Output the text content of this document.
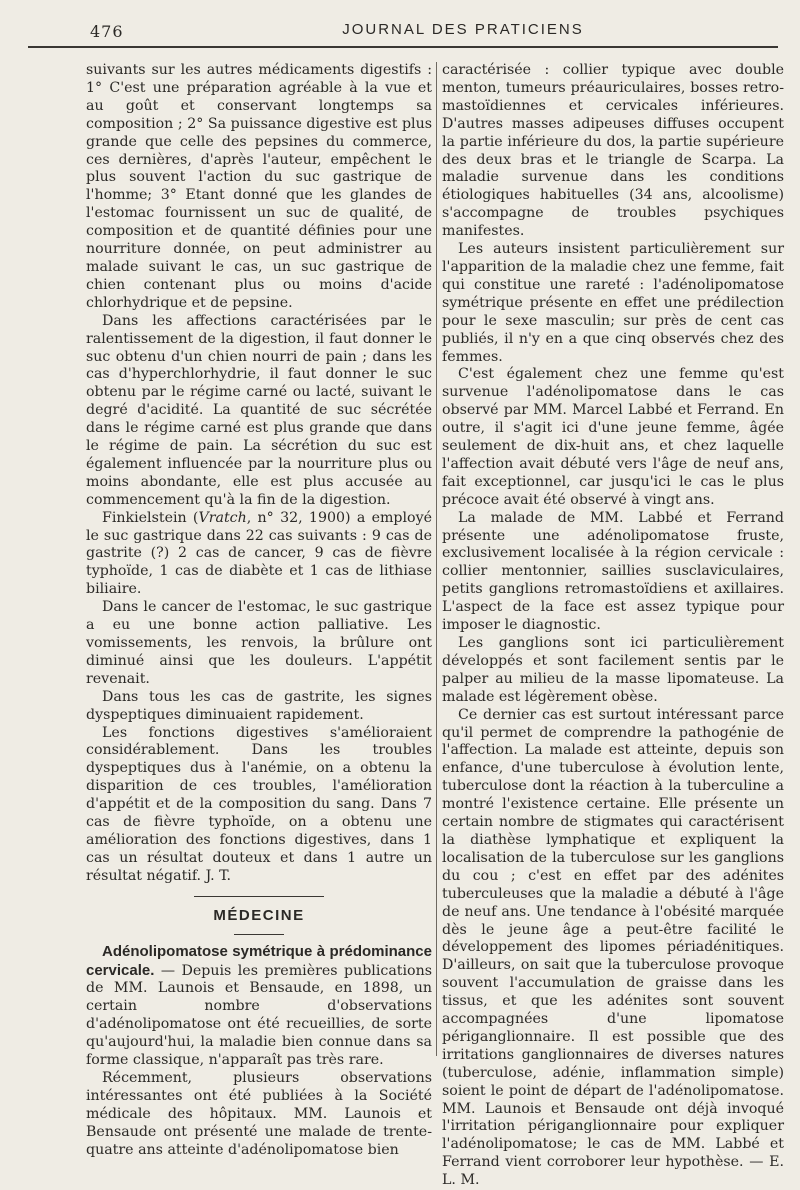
476	JOURNAL DES PRATICIENS

suivants sur les autres médicaments digestifs : 1° C'est une préparation agréable à la vue et au goût et conservant longtemps sa composition ; 2° Sa puissance digestive est plus grande que celle des pepsines du commerce, ces dernières, d'après l'auteur, empêchent le plus souvent l'action du suc gastrique de l'homme; 3° Etant donné que les glandes de l'estomac fournissent un suc de qualité, de composition et de quantité définies pour une nourriture donnée, on peut administrer au malade suivant le cas, un suc gastrique de chien contenant plus ou moins d'acide chlorhydrique et de pepsine.

Dans les affections caractérisées par le ralentissement de la digestion, il faut donner le suc obtenu d'un chien nourri de pain ; dans les cas d'hyperchlorhydrie, il faut donner le suc obtenu par le régime carné ou lacté, suivant le degré d'acidité. La quantité de suc sécrétée dans le régime carné est plus grande que dans le régime de pain. La sécrétion du suc est également influencée par la nourriture plus ou moins abondante, elle est plus accusée au commencement qu'à la fin de la digestion.

Finkielstein (Vratch, n° 32, 1900) a employé le suc gastrique dans 22 cas suivants : 9 cas de gastrite (?) 2 cas de cancer, 9 cas de fièvre typhoïde, 1 cas de diabète et 1 cas de lithiase biliaire.

Dans le cancer de l'estomac, le suc gastrique a eu une bonne action palliative. Les vomissements, les renvois, la brûlure ont diminué ainsi que les douleurs. L'appétit revenait.

Dans tous les cas de gastrite, les signes dyspeptiques diminuaient rapidement.

Les fonctions digestives s'amélioraient considérablement. Dans les troubles dyspeptiques dus à l'anémie, on a obtenu la disparition de ces troubles, l'amélioration d'appétit et de la composition du sang. Dans 7 cas de fièvre typhoïde, on a obtenu une amélioration des fonctions digestives, dans 1 cas un résultat douteux et dans 1 autre un résultat négatif. J. T.

MÉDECINE

Adénolipomatose symétrique à prédominance cervicale. — Depuis les premières publications de MM. Launois et Bensaude, en 1898, un certain nombre d'observations d'adénolipomatose ont été recueillies, de sorte qu'aujourd'hui, la maladie bien connue dans sa forme classique, n'apparaît pas très rare.

Récemment, plusieurs observations intéressantes ont été publiées à la Société médicale des hôpitaux. MM. Launois et Bensaude ont présenté une malade de trente-quatre ans atteinte d'adénolipomatose bien

caractérisée : collier typique avec double menton, tumeurs préauriculaires, bosses retro-mastoïdiennes et cervicales inférieures. D'autres masses adipeuses diffuses occupent la partie inférieure du dos, la partie supérieure des deux bras et le triangle de Scarpa. La maladie survenue dans les conditions étiologiques habituelles (34 ans, alcoolisme) s'accompagne de troubles psychiques manifestes.

Les auteurs insistent particulièrement sur l'apparition de la maladie chez une femme, fait qui constitue une rareté : l'adénolipomatose symétrique présente en effet une prédilection pour le sexe masculin; sur près de cent cas publiés, il n'y en a que cinq observés chez des femmes.

C'est également chez une femme qu'est survenue l'adénolipomatose dans le cas observé par MM. Marcel Labbé et Ferrand. En outre, il s'agit ici d'une jeune femme, âgée seulement de dix-huit ans, et chez laquelle l'affection avait débuté vers l'âge de neuf ans, fait exceptionnel, car jusqu'ici le cas le plus précoce avait été observé à vingt ans.

La malade de MM. Labbé et Ferrand présente une adénolipomatose fruste, exclusivement localisée à la région cervicale : collier mentonnier, saillies susclaviculaires, petits ganglions retromastoïdiens et axillaires. L'aspect de la face est assez typique pour imposer le diagnostic.

Les ganglions sont ici particulièrement développés et sont facilement sentis par le palper au milieu de la masse lipomateuse. La malade est légèrement obèse.

Ce dernier cas est surtout intéressant parce qu'il permet de comprendre la pathogénie de l'affection. La malade est atteinte, depuis son enfance, d'une tuberculose à évolution lente, tuberculose dont la réaction à la tuberculine a montré l'existence certaine. Elle présente un certain nombre de stigmates qui caractérisent la diathèse lymphatique et expliquent la localisation de la tuberculose sur les ganglions du cou ; c'est en effet par des adénites tuberculeuses que la maladie a débuté à l'âge de neuf ans. Une tendance à l'obésité marquée dès le jeune âge a peut-être facilité le développement des lipomes périadénitiques. D'ailleurs, on sait que la tuberculose provoque souvent l'accumulation de graisse dans les tissus, et que les adénites sont souvent accompagnées d'une lipomatose périganglionnaire. Il est possible que des irritations ganglionnaires de diverses natures (tuberculose, adénie, inflammation simple) soient le point de départ de l'adénolipomatose. MM. Launois et Bensaude ont déjà invoqué l'irritation périganglionnaire pour expliquer l'adénolipomatose; le cas de MM. Labbé et Ferrand vient corroborer leur hypothèse. — E. L. M.
